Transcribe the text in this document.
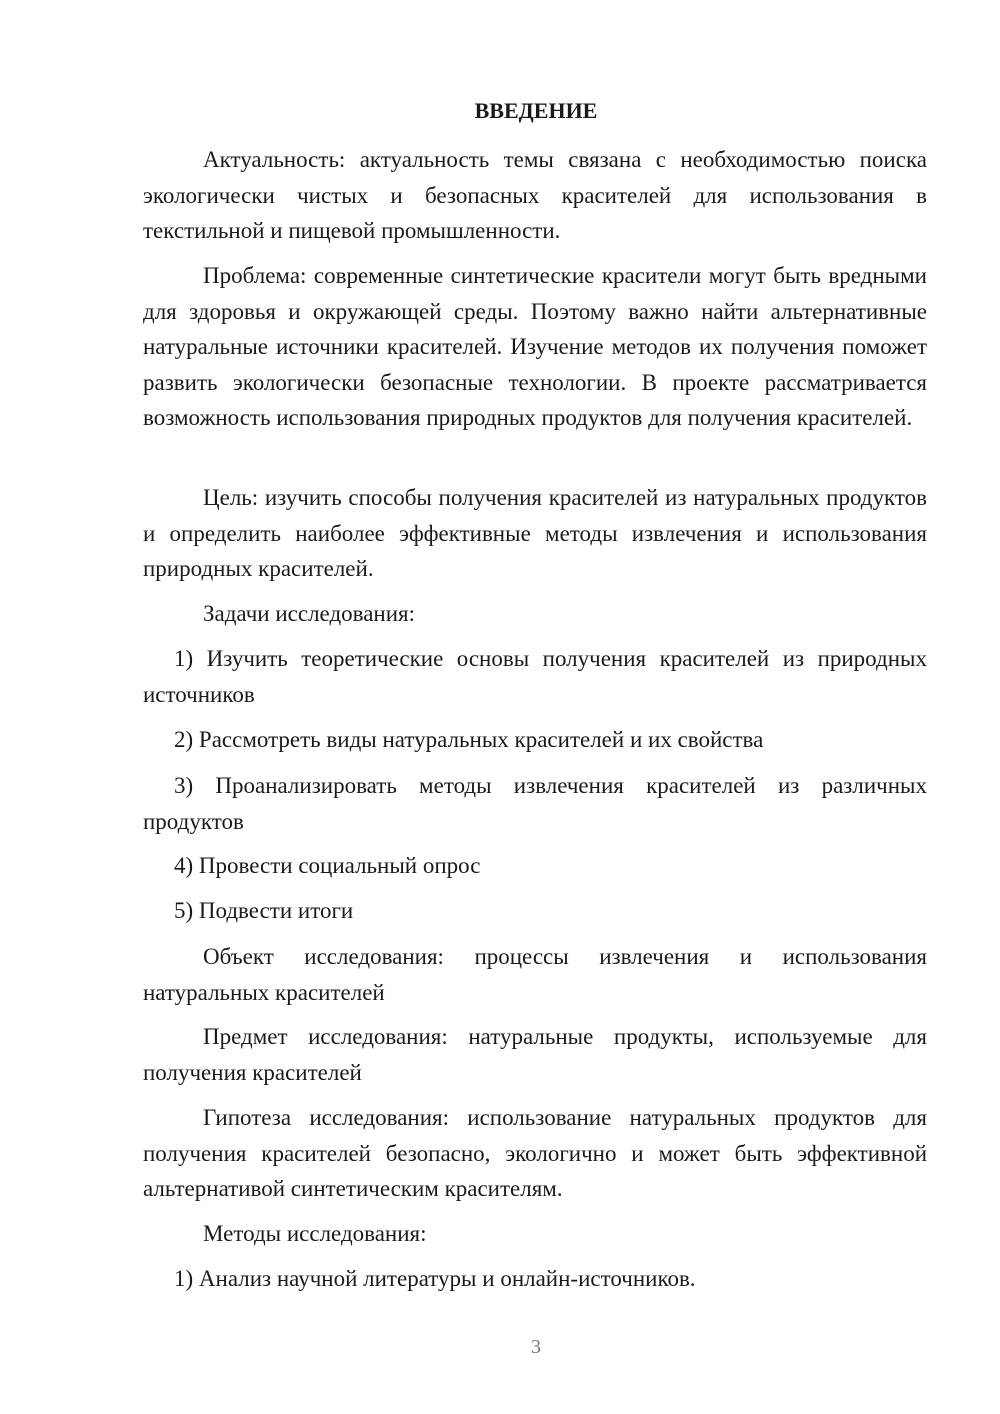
ВВЕДЕНИЕ

Актуальность: актуальность темы связана с необходимостью поиска экологически чистых и безопасных красителей для использования в текстильной и пищевой промышленности.

Проблема: современные синтетические красители могут быть вредными для здоровья и окружающей среды. Поэтому важно найти альтернативные натуральные источники красителей. Изучение методов их получения поможет развить экологически безопасные технологии. В проекте рассматривается возможность использования природных продуктов для получения красителей.

Цель: изучить способы получения красителей из натуральных продуктов и определить наиболее эффективные методы извлечения и использования природных красителей.

Задачи исследования:

1) Изучить теоретические основы получения красителей из природных источников

2) Рассмотреть виды натуральных красителей и их свойства

3) Проанализировать методы извлечения красителей из различных продуктов

4) Провести социальный опрос

5) Подвести итоги

Объект исследования: процессы извлечения и использования натуральных красителей

Предмет исследования: натуральные продукты, используемые для получения красителей

Гипотеза исследования: использование натуральных продуктов для получения красителей безопасно, экологично и может быть эффективной альтернативой синтетическим красителям.

Методы исследования:

1) Анализ научной литературы и онлайн-источников.

3
